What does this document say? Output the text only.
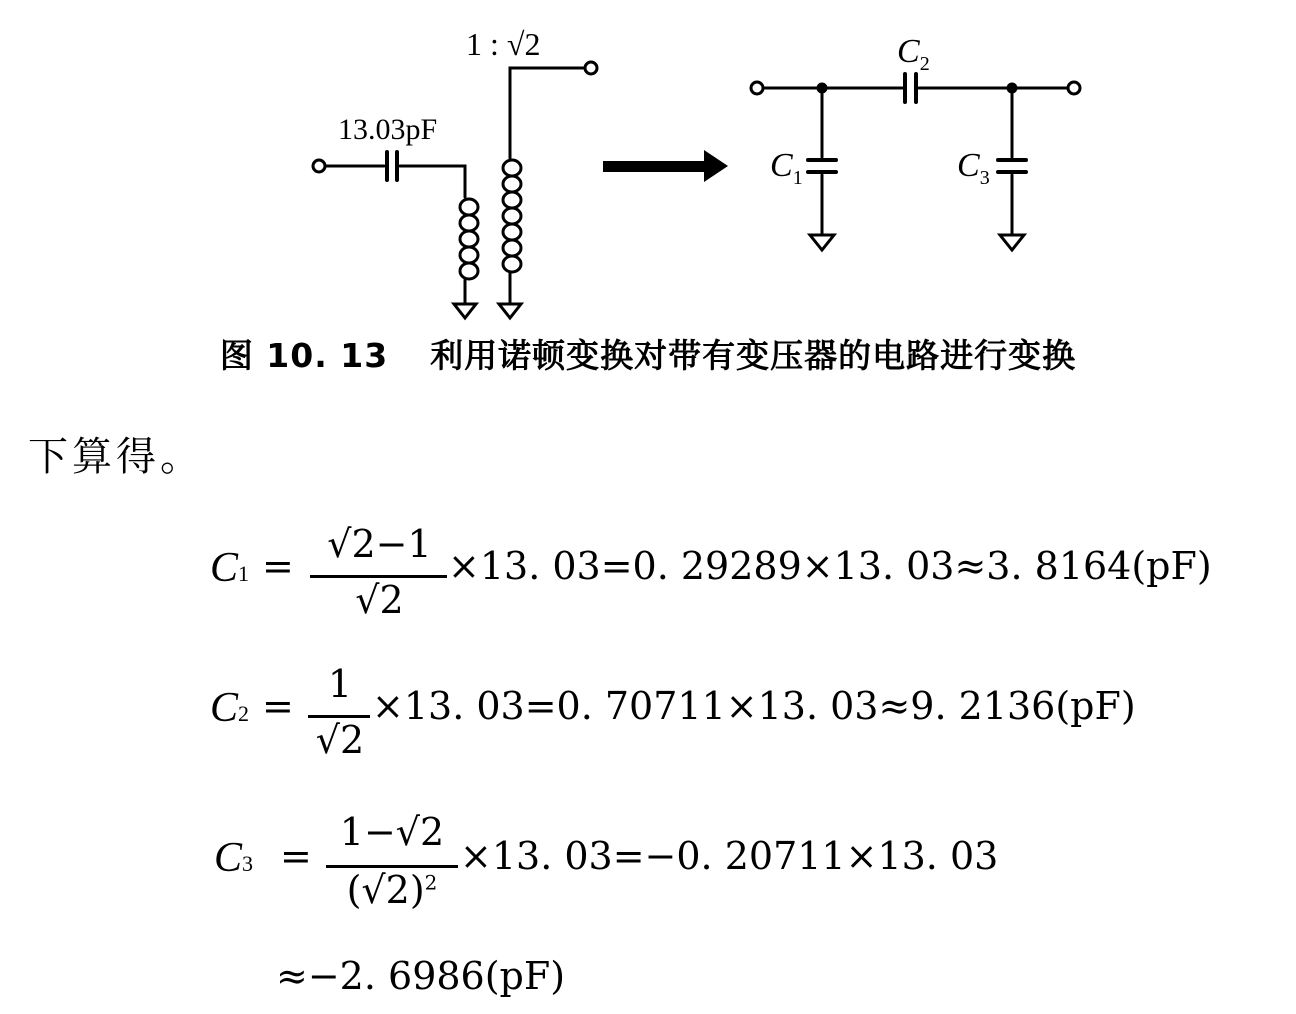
1 : √2
13.03pF
$C_2$
$C_1$	$C_3$
图 10. 13 利用诺顿变换对带有变压器的电路进行变换
下算得。
C1 = √2−1
√2
×13. 03=0. 29289×13. 03≈3. 8164(pF)
C2 = 1
√2
×13. 03=0. 70711×13. 03≈9. 2136(pF)
C3 =
1−√2
$(√2)^2$
×13. 03=−0. 20711×13. 03
≈−2. 6986(pF)
